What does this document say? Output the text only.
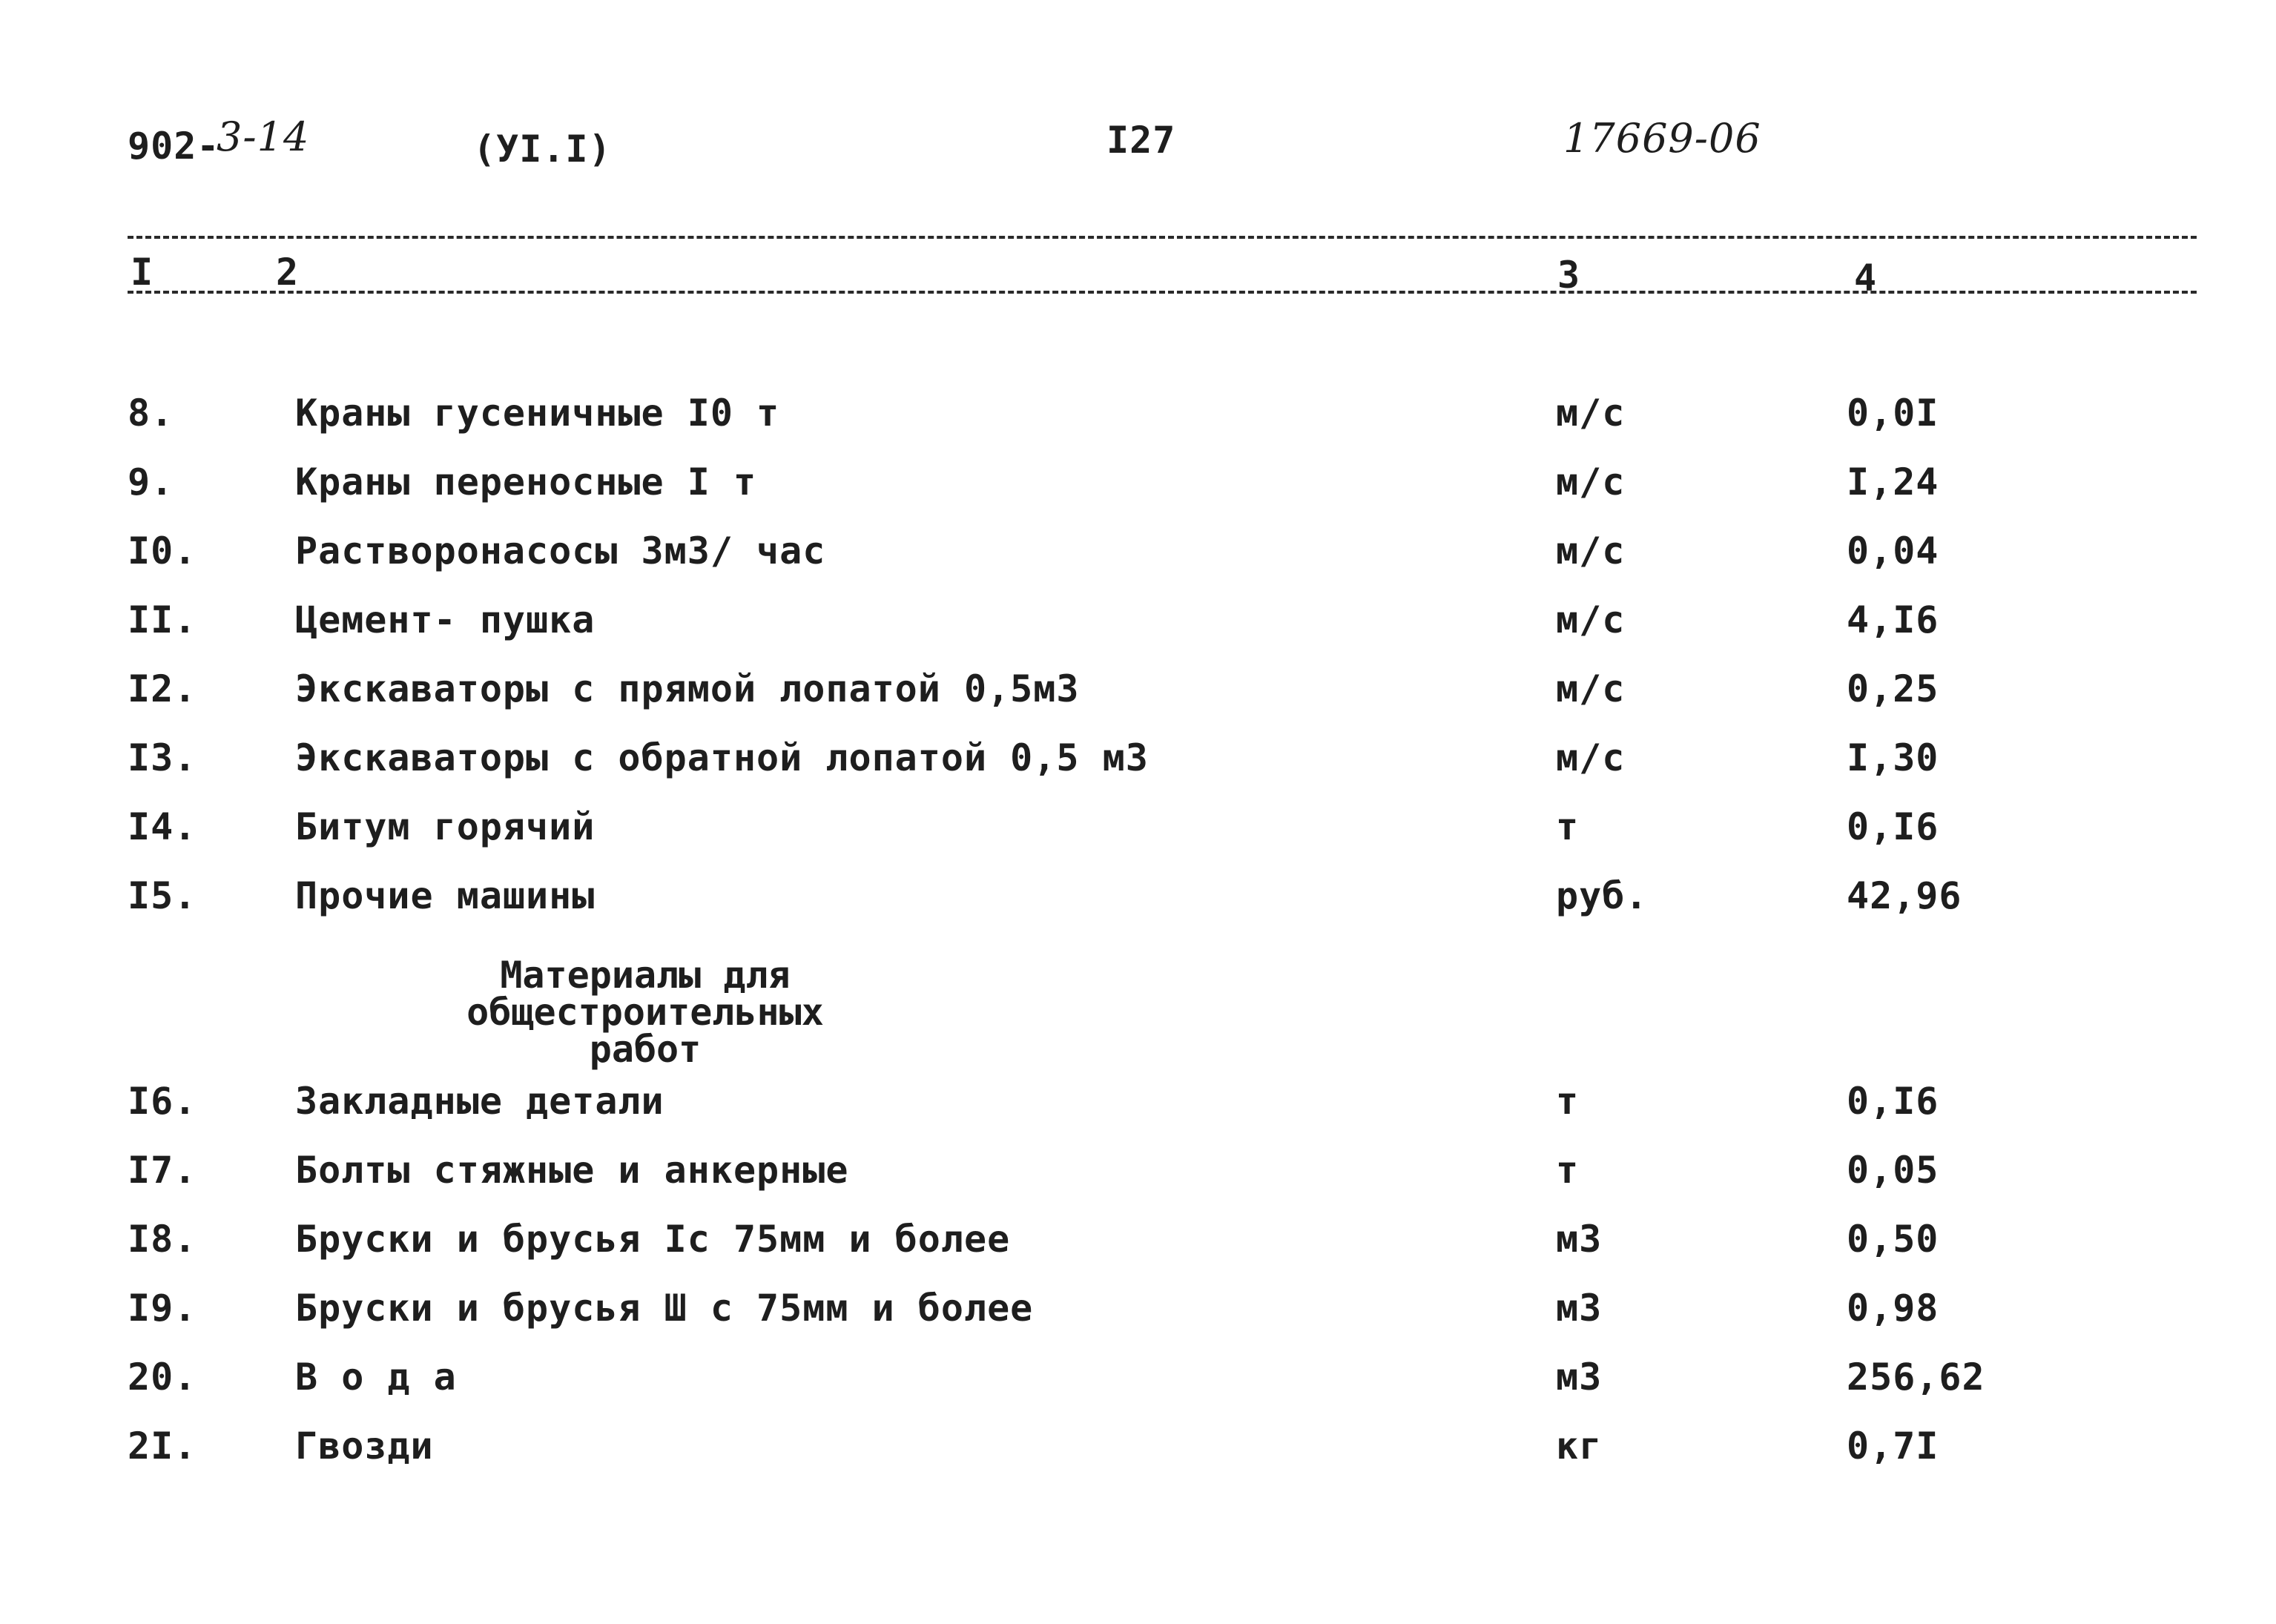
902-
3-14	(УI.I)	I27	17669-06
I	2	3	4
8.	Краны гусеничные I0 т	м/с	0,0I
9.	Краны переносные I т	м/с	I,24
I0.	Растворонасосы 3м3/ час	м/с	0,04
II.	Цемент- пушка	м/с	4,I6
I2.	Экскаваторы с прямой лопатой 0,5м3	м/с	0,25
I3.	Экскаваторы с обратной лопатой 0,5 м3	м/с	I,30
I4.	Битум горячий	т	0,I6
I5.	Прочие машины	руб.	42,96
Материалы для общестроительных
работ
I6.	Закладные детали	т	0,I6
I7.	Болты стяжные и анкерные	т	0,05
I8.	Бруски и брусья Iс 75мм и более	м3	0,50
I9.	Бруски и брусья Ш с 75мм и более	м3	0,98
20.	В о д а	м3	256,62
2I.	Гвозди	кг	0,7I
